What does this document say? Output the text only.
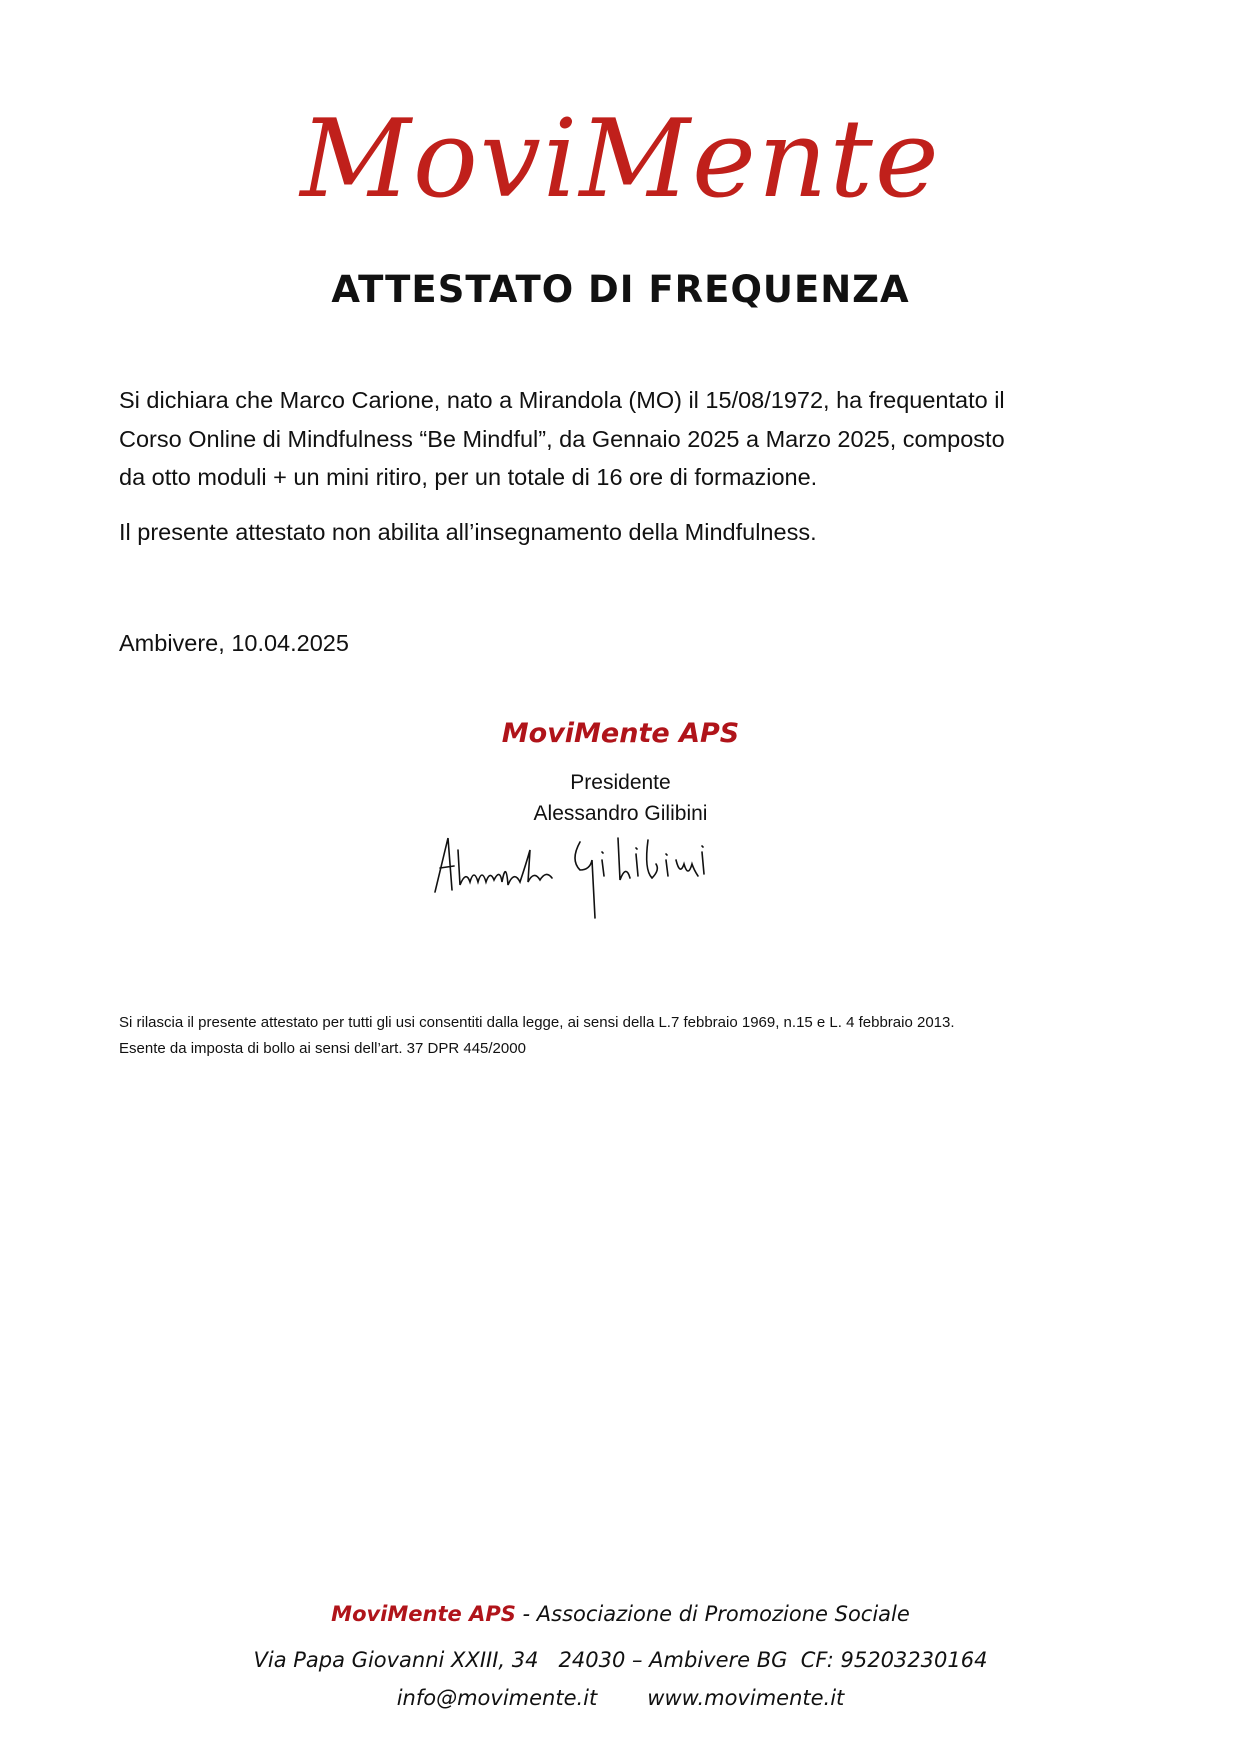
MoviMente
ATTESTATO DI FREQUENZA
Si dichiara che Marco Carione, nato a Mirandola (MO) il 15/08/1972, ha frequentato il
Corso Online di Mindfulness “Be Mindful”, da Gennaio 2025 a Marzo 2025, composto
da otto moduli + un mini ritiro, per un totale di 16 ore di formazione.
Il presente attestato non abilita all’insegnamento della Mindfulness.
Ambivere, 10.04.2025
MoviMente APS
Presidente
Alessandro Gilibini
Si rilascia il presente attestato per tutti gli usi consentiti dalla legge, ai sensi della L.7 febbraio 1969, n.15 e L. 4 febbraio 2013.
Esente da imposta di bollo ai sensi dell’art. 37 DPR 445/2000
MoviMente APS - Associazione di Promozione Sociale
Via Papa Giovanni XXIII, 34   24030 – Ambivere BG  CF: 95203230164
info@movimente.it www.movimente.it
